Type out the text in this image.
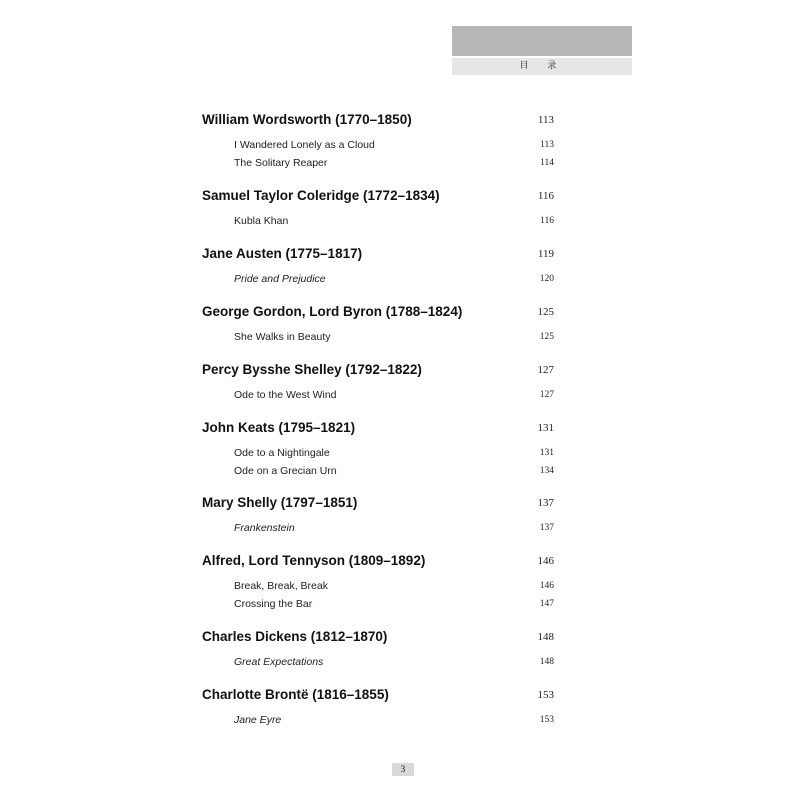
目 录
William Wordsworth (1770–1850)	113
I Wandered Lonely as a Cloud	113
The Solitary Reaper	114
Samuel Taylor Coleridge (1772–1834)	116
Kubla Khan	116
Jane Austen (1775–1817)	119
Pride and Prejudice	120
George Gordon, Lord Byron (1788–1824)	125
She Walks in Beauty	125
Percy Bysshe Shelley (1792–1822)	127
Ode to the West Wind	127
John Keats (1795–1821)	131
Ode to a Nightingale	131
Ode on a Grecian Urn	134
Mary Shelly (1797–1851)	137
Frankenstein	137
Alfred, Lord Tennyson (1809–1892)	146
Break, Break, Break	146
Crossing the Bar	147
Charles Dickens (1812–1870)	148
Great Expectations	148
Charlotte Brontë (1816–1855)	153
Jane Eyre	153
3
